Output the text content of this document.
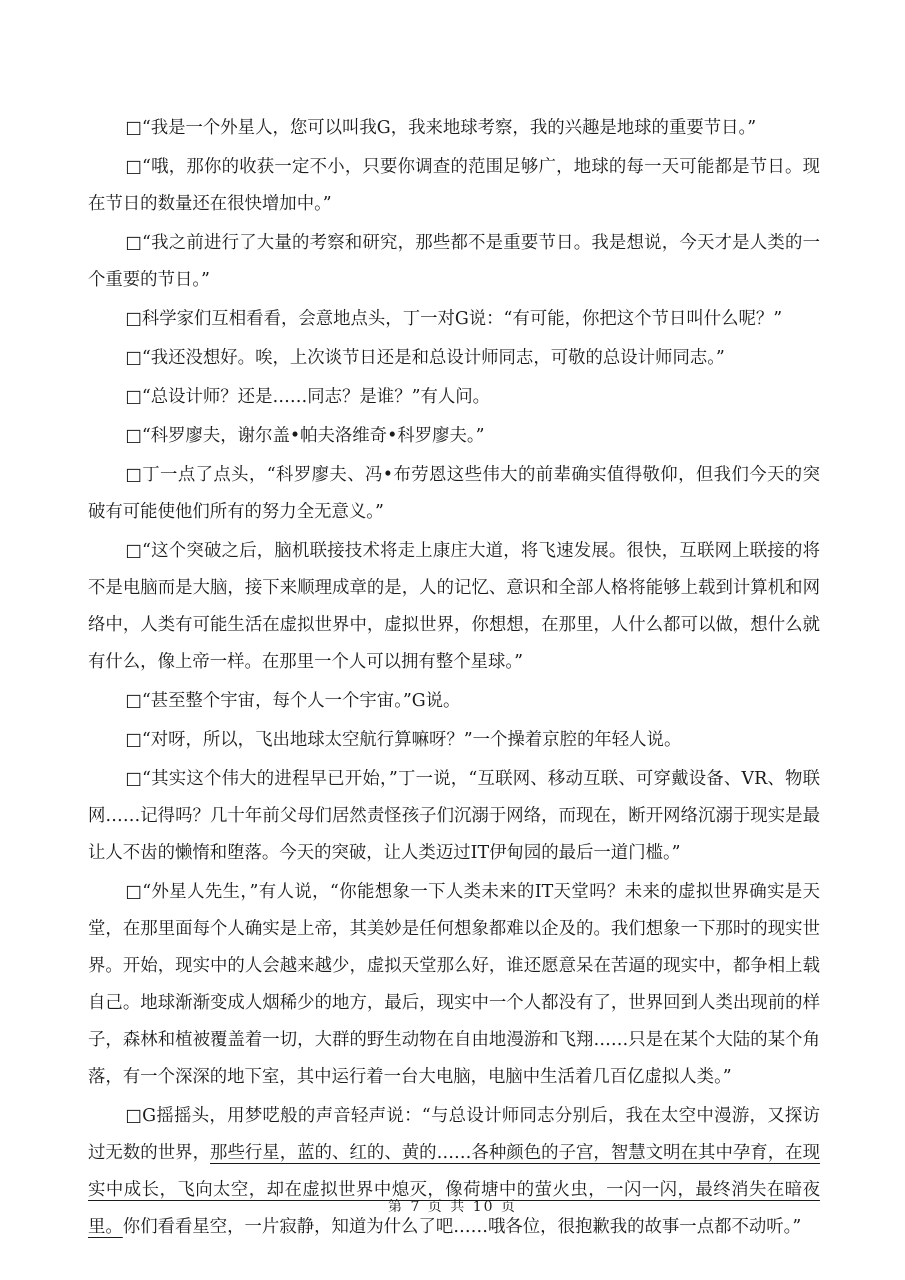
□“我是一个外星人，您可以叫我G，我来地球考察，我的兴趣是地球的重要节日。”

□“哦，那你的收获一定不小，只要你调查的范围足够广，地球的每一天可能都是节日。现在节日的数量还在很快增加中。”

□“我之前进行了大量的考察和研究，那些都不是重要节日。我是想说，今天才是人类的一个重要的节日。”

□科学家们互相看看，会意地点头，丁一对G说：“有可能，你把这个节日叫什么呢？”

□“我还没想好。唉，上次谈节日还是和总设计师同志，可敬的总设计师同志。”

□“总设计师？还是……同志？是谁？”有人问。

□“科罗廖夫，谢尔盖•帕夫洛维奇•科罗廖夫。”

□丁一点了点头，“科罗廖夫、冯•布劳恩这些伟大的前辈确实值得敬仰，但我们今天的突破有可能使他们所有的努力全无意义。”

□“这个突破之后，脑机联接技术将走上康庄大道，将飞速发展。很快，互联网上联接的将不是电脑而是大脑，接下来顺理成章的是，人的记忆、意识和全部人格将能够上载到计算机和网络中，人类有可能生活在虚拟世界中，虚拟世界，你想想，在那里，人什么都可以做，想什么就有什么，像上帝一样。在那里一个人可以拥有整个星球。”

□“甚至整个宇宙，每个人一个宇宙。”G说。

□“对呀，所以，飞出地球太空航行算嘛呀？”一个操着京腔的年轻人说。

□“其实这个伟大的进程早已开始，”丁一说，“互联网、移动互联、可穿戴设备、VR、物联网……记得吗？几十年前父母们居然责怪孩子们沉溺于网络，而现在，断开网络沉溺于现实是最让人不齿的懒惰和堕落。今天的突破，让人类迈过IT伊甸园的最后一道门槛。”

□“外星人先生，”有人说，“你能想象一下人类未来的IT天堂吗？未来的虚拟世界确实是天堂，在那里面每个人确实是上帝，其美妙是任何想象都难以企及的。我们想象一下那时的现实世界。开始，现实中的人会越来越少，虚拟天堂那么好，谁还愿意呆在苦逼的现实中，都争相上载自己。地球渐渐变成人烟稀少的地方，最后，现实中一个人都没有了，世界回到人类出现前的样子，森林和植被覆盖着一切，大群的野生动物在自由地漫游和飞翔……只是在某个大陆的某个角落，有一个深深的地下室，其中运行着一台大电脑，电脑中生活着几百亿虚拟人类。”

□G摇摇头，用梦呓般的声音轻声说：“与总设计师同志分别后，我在太空中漫游，又探访过无数的世界，那些行星，蓝的、红的、黄的……各种颜色的子宫，智慧文明在其中孕育，在现实中成长，飞向太空，却在虚拟世界中熄灭，像荷塘中的萤火虫，一闪一闪，最终消失在暗夜里。你们看看星空，一片寂静，知道为什么了吧……哦各位，很抱歉我的故事一点都不动听。”

第 7 页 共 10 页
